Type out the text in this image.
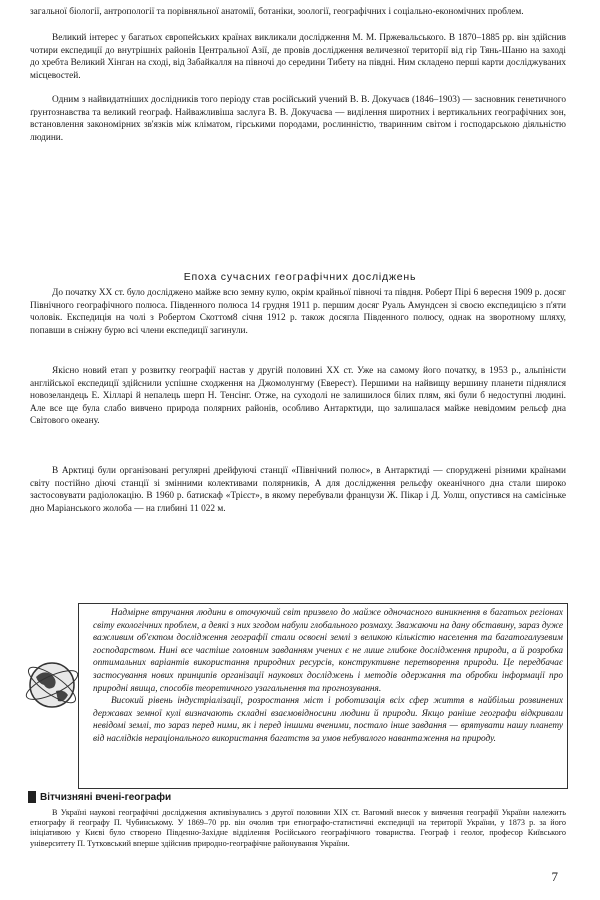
загальної біології, антропології та порівняльної анатомії, ботаніки, зоології, географічних і соціально-економічних проблем.

Великий інтерес у багатьох європейських країнах викликали дослідження М. М. Пржевальського. В 1870–1885 рр. він здійснив чотири експедиції до внутрішніх районів Центральної Азії, де провів дослідження величезної території від гір Тянь-Шаню на заході до хребта Великий Хінган на сході, від Забайкалля на півночі до середини Тибету на півдні. Ним складено перші карти досліджуваних місцевостей.

Одним з найвидатніших дослідників того періоду став російський учений В. В. Докучаєв (1846–1903) — засновник генетичного ґрунтознавства та великий географ. Найважливіша заслуга В. В. Докучаєва — виділення широтних і вертикальних географічних зон, встановлення закономірних зв'язків між кліматом, гірськими породами, рослинністю, тваринним світом і господарською діяльністю людини.

Епоха сучасних географічних досліджень

До початку XX ст. було досліджено майже всю земну кулю, окрім крайньої півночі та півдня. Роберт Пірі 6 вересня 1909 р. досяг Північного географічного полюса. Південного полюса 14 грудня 1911 р. першим досяг Руаль Амундсен зі своєю експедицією з п'яти чоловік. Експедиція на чолі з Робертом Скоттом8 січня 1912 р. також досягла Південного полюсу, однак на зворотному шляху, попавши в сніжну бурю всі члени експедиції загинули.

Якісно новий етап у розвитку географії настав у другій половині XX ст. Уже на самому його початку, в 1953 р., альпіністи англійської експедиції здійснили успішне сходження на Джомолунгму (Еверест). Першими на найвищу вершину планети піднялися новозеландець Е. Хілларі й непалець шерп Н. Тенсінг. Отже, на суходолі не залишилося білих плям, які були б недоступні людині. Але все ще була слабо вивчено природа полярних районів, особливо Антарктиди, що залишалася майже невідомим рельєф дна Світового океану.

В Арктиці були організовані регулярні дрейфуючі станції «Північний полюс», в Антарктиді — споруджені різними країнами світу постійно діючі станції зі змінними колективами полярників, А для дослідження рельєфу океанічного дна стали широко застосовувати радіолокацію. В 1960 р. батискаф «Трієст», в якому перебували французи Ж. Пікар і Д. Уолш, опустився на самісіньке дно Маріанського жолоба — на глибині 11 022 м.

Надмірне втручання людини в оточуючий світ призвело до майже одночасного виникнення в багатьох регіонах світу екологічних проблем, а деякі з них згодом набули глобального розмаху. Зважаючи на дану обставину, зараз дуже важливим об'єктом дослідження географії стали освоєні землі з великою кількістю населення та багатогалузевим господарством. Нині все частіше головним завданням учених є не лише глибоке дослідження природи, а й розробка оптимальних варіантів використання природних ресурсів, конструктивне перетворення природи. Це передбачає застосування нових принципів організації наукових досліджень і методів одержання та обробки інформації про природні явища, способів теоретичного узагальнення та прогнозування.

Високий рівень індустріалізації, розростання міст і роботизація всіх сфер життя в найбільш розвинених державах земної кулі визначають складні взаємовідносини людини й природи. Якщо раніше географи відкривали невідомі землі, то зараз перед ними, як і перед іншими вченими, постало інше завдання — врятувати нашу планету від наслідків нераціонального використання багатств за умов небувалого навантаження на природу.

Вітчизняні вчені-географи

В Україні наукові географічні дослідження активізувались з другої половини XIX ст. Вагомий внесок у вивчення географії України належить етнографу й географу П. Чубинському. У 1869–70 рр. він очолив три етнографо-статистичні експедиції на території України, у 1873 р. за його ініціативою у Києві було створено Південно-Західне відділення Російського географічного товариства. Географ і геолог, професор Київського університету П. Тутковський вперше здійснив природно-географічне районування України.

7
